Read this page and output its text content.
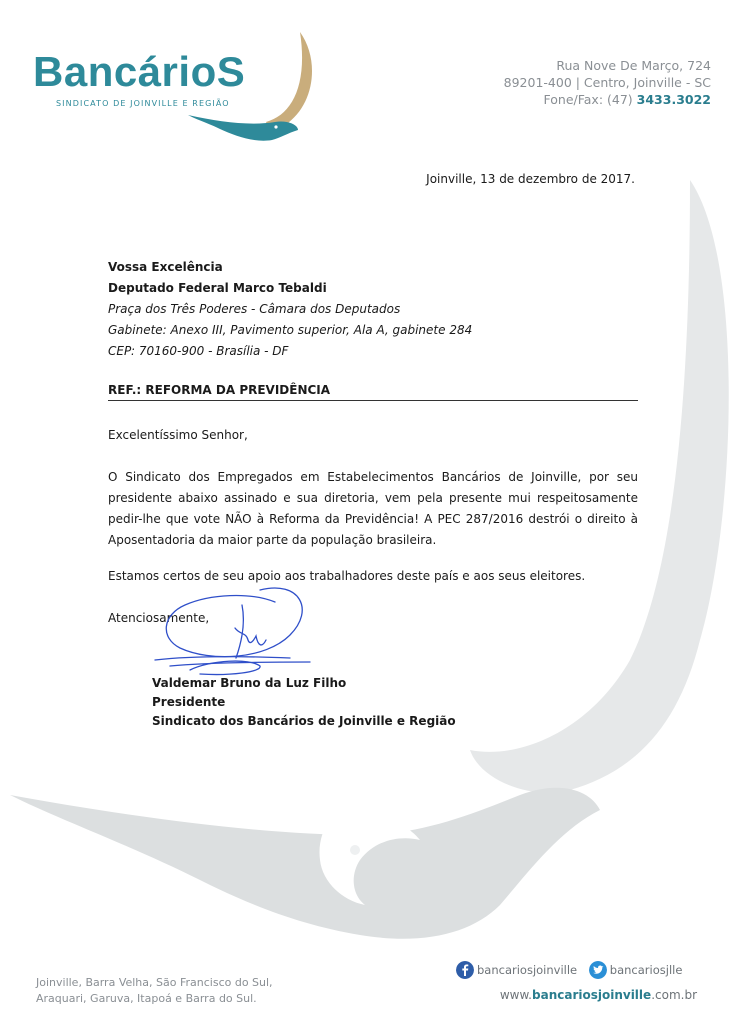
BancárioS
SINDICATO DE JOINVILLE E REGIÃO
Rua Nove De Março, 724
89201-400 | Centro, Joinville - SC
Fone/Fax: (47) 3433.3022
Joinville, 13 de dezembro de 2017.
Vossa Excelência
Deputado Federal Marco Tebaldi
Praça dos Três Poderes - Câmara dos Deputados
Gabinete: Anexo III, Pavimento superior, Ala A, gabinete 284
CEP: 70160-900 - Brasília - DF
REF.: REFORMA DA PREVIDÊNCIA
Excelentíssimo Senhor,
O Sindicato dos Empregados em Estabelecimentos Bancários de Joinville, por seu presidente abaixo assinado e sua diretoria, vem pela presente mui respeitosamente pedir-lhe que vote NÃO à Reforma da Previdência! A PEC 287/2016 destrói o direito à Aposentadoria da maior parte da população brasileira.
Estamos certos de seu apoio aos trabalhadores deste país e aos seus eleitores.
Atenciosamente,
Valdemar Bruno da Luz Filho
Presidente
Sindicato dos Bancários de Joinville e Região
Joinville, Barra Velha, São Francisco do Sul,
Araquari, Garuva, Itapoá e Barra do Sul.
bancariosjoinville
	bancariosjlle
www.bancariosjoinville.com.br
